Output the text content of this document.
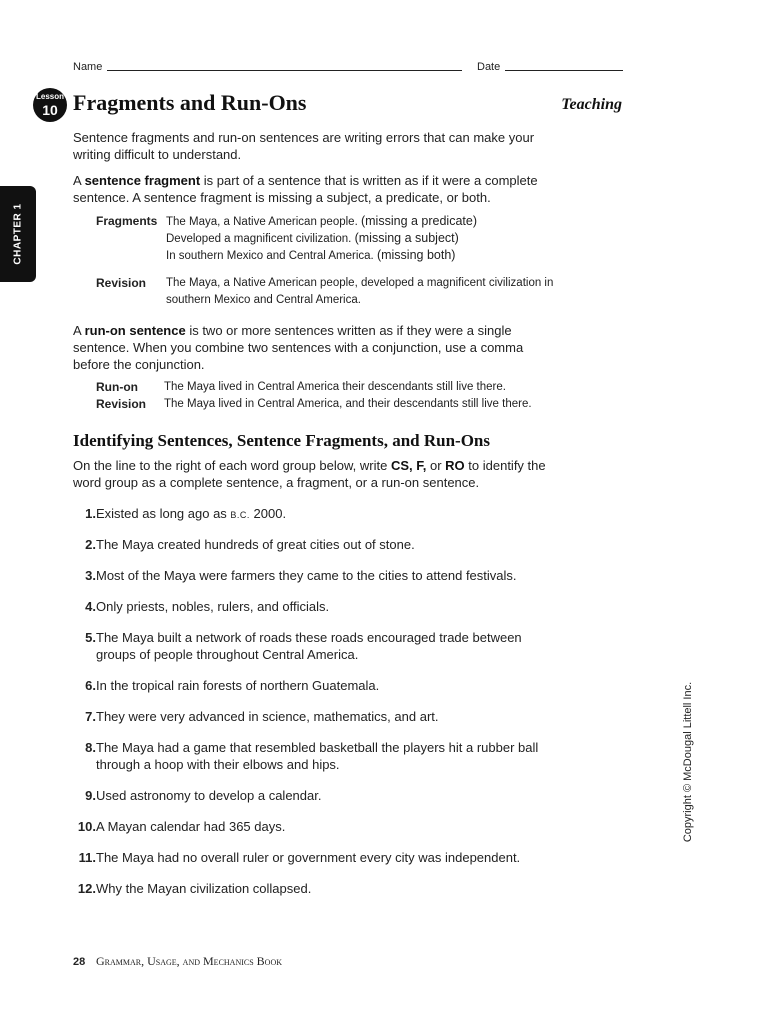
Name	Date
Lesson
10 Fragments and Run-Ons	Teaching
CHAPTER 1
Sentence fragments and run-on sentences are writing errors that can make your writing difficult to understand.
A sentence fragment is part of a sentence that is written as if it were a complete sentence. A sentence fragment is missing a subject, a predicate, or both.
Fragments The Maya, a Native American people. (missing a predicate)
Developed a magnificent civilization. (missing a subject)
In southern Mexico and Central America. (missing both)
Revision The Maya, a Native American people, developed a magnificent civilization in southern Mexico and Central America.
A run-on sentence is two or more sentences written as if they were a single sentence. When you combine two sentences with a conjunction, use a comma before the conjunction.
Run-on The Maya lived in Central America their descendants still live there.
Revision The Maya lived in Central America, and their descendants still live there.
Identifying Sentences, Sentence Fragments, and Run-Ons
On the line to the right of each word group below, write CS, F, or RO to identify the word group as a complete sentence, a fragment, or a run-on sentence.
1. Existed as long ago as B.C. 2000.
2. The Maya created hundreds of great cities out of stone.
3. Most of the Maya were farmers they came to the cities to attend festivals.
4. Only priests, nobles, rulers, and officials.
5. The Maya built a network of roads these roads encouraged trade between groups of people throughout Central America.
6. In the tropical rain forests of northern Guatemala.
7. They were very advanced in science, mathematics, and art.
8. The Maya had a game that resembled basketball the players hit a rubber ball through a hoop with their elbows and hips.
9. Used astronomy to develop a calendar.
10. A Mayan calendar had 365 days.
11. The Maya had no overall ruler or government every city was independent.
12. Why the Mayan civilization collapsed.
Copyright © McDougal Littell Inc.
28 Grammar, Usage, and Mechanics Book
